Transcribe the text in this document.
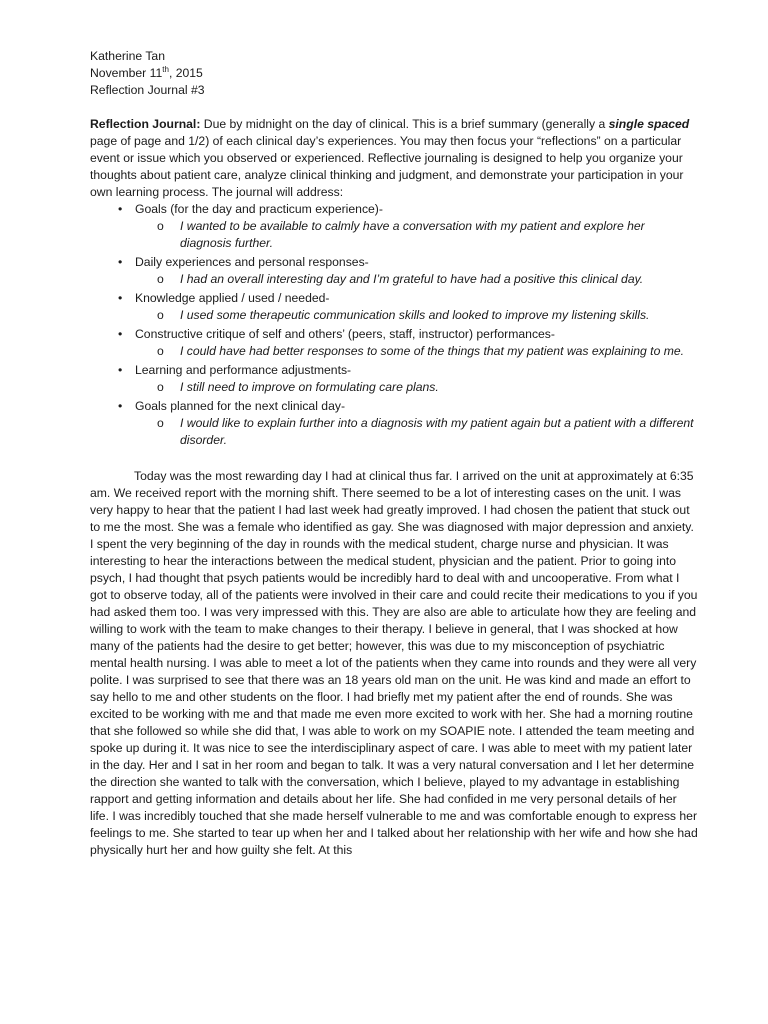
Katherine Tan
November 11th, 2015
Reflection Journal #3

Reflection Journal: Due by midnight on the day of clinical. This is a brief summary (generally a single spaced page of page and 1/2) of each clinical day’s experiences. You may then focus your “reflections” on a particular event or issue which you observed or experienced. Reflective journaling is designed to help you organize your thoughts about patient care, analyze clinical thinking and judgment, and demonstrate your participation in your own learning process. The journal will address:

• Goals (for the day and practicum experience)-
o I wanted to be available to calmly have a conversation with my patient and explore her diagnosis further.
• Daily experiences and personal responses-
o I had an overall interesting day and I’m grateful to have had a positive this clinical day.
• Knowledge applied / used / needed-
o I used some therapeutic communication skills and looked to improve my listening skills.
• Constructive critique of self and others’ (peers, staff, instructor) performances-
o I could have had better responses to some of the things that my patient was explaining to me.
• Learning and performance adjustments-
o I still need to improve on formulating care plans.
• Goals planned for the next clinical day-
o I would like to explain further into a diagnosis with my patient again but a patient with a different disorder.

Today was the most rewarding day I had at clinical thus far. I arrived on the unit at approximately at 6:35 am. We received report with the morning shift. There seemed to be a lot of interesting cases on the unit. I was very happy to hear that the patient I had last week had greatly improved. I had chosen the patient that stuck out to me the most. She was a female who identified as gay. She was diagnosed with major depression and anxiety. I spent the very beginning of the day in rounds with the medical student, charge nurse and physician. It was interesting to hear the interactions between the medical student, physician and the patient. Prior to going into psych, I had thought that psych patients would be incredibly hard to deal with and uncooperative. From what I got to observe today, all of the patients were involved in their care and could recite their medications to you if you had asked them too. I was very impressed with this. They are also are able to articulate how they are feeling and willing to work with the team to make changes to their therapy. I believe in general, that I was shocked at how many of the patients had the desire to get better; however, this was due to my misconception of psychiatric mental health nursing. I was able to meet a lot of the patients when they came into rounds and they were all very polite. I was surprised to see that there was an 18 years old man on the unit. He was kind and made an effort to say hello to me and other students on the floor. I had briefly met my patient after the end of rounds. She was excited to be working with me and that made me even more excited to work with her. She had a morning routine that she followed so while she did that, I was able to work on my SOAPIE note. I attended the team meeting and spoke up during it. It was nice to see the interdisciplinary aspect of care. I was able to meet with my patient later in the day. Her and I sat in her room and began to talk. It was a very natural conversation and I let her determine the direction she wanted to talk with the conversation, which I believe, played to my advantage in establishing rapport and getting information and details about her life. She had confided in me very personal details of her life. I was incredibly touched that she made herself vulnerable to me and was comfortable enough to express her feelings to me. She started to tear up when her and I talked about her relationship with her wife and how she had physically hurt her and how guilty she felt. At this
